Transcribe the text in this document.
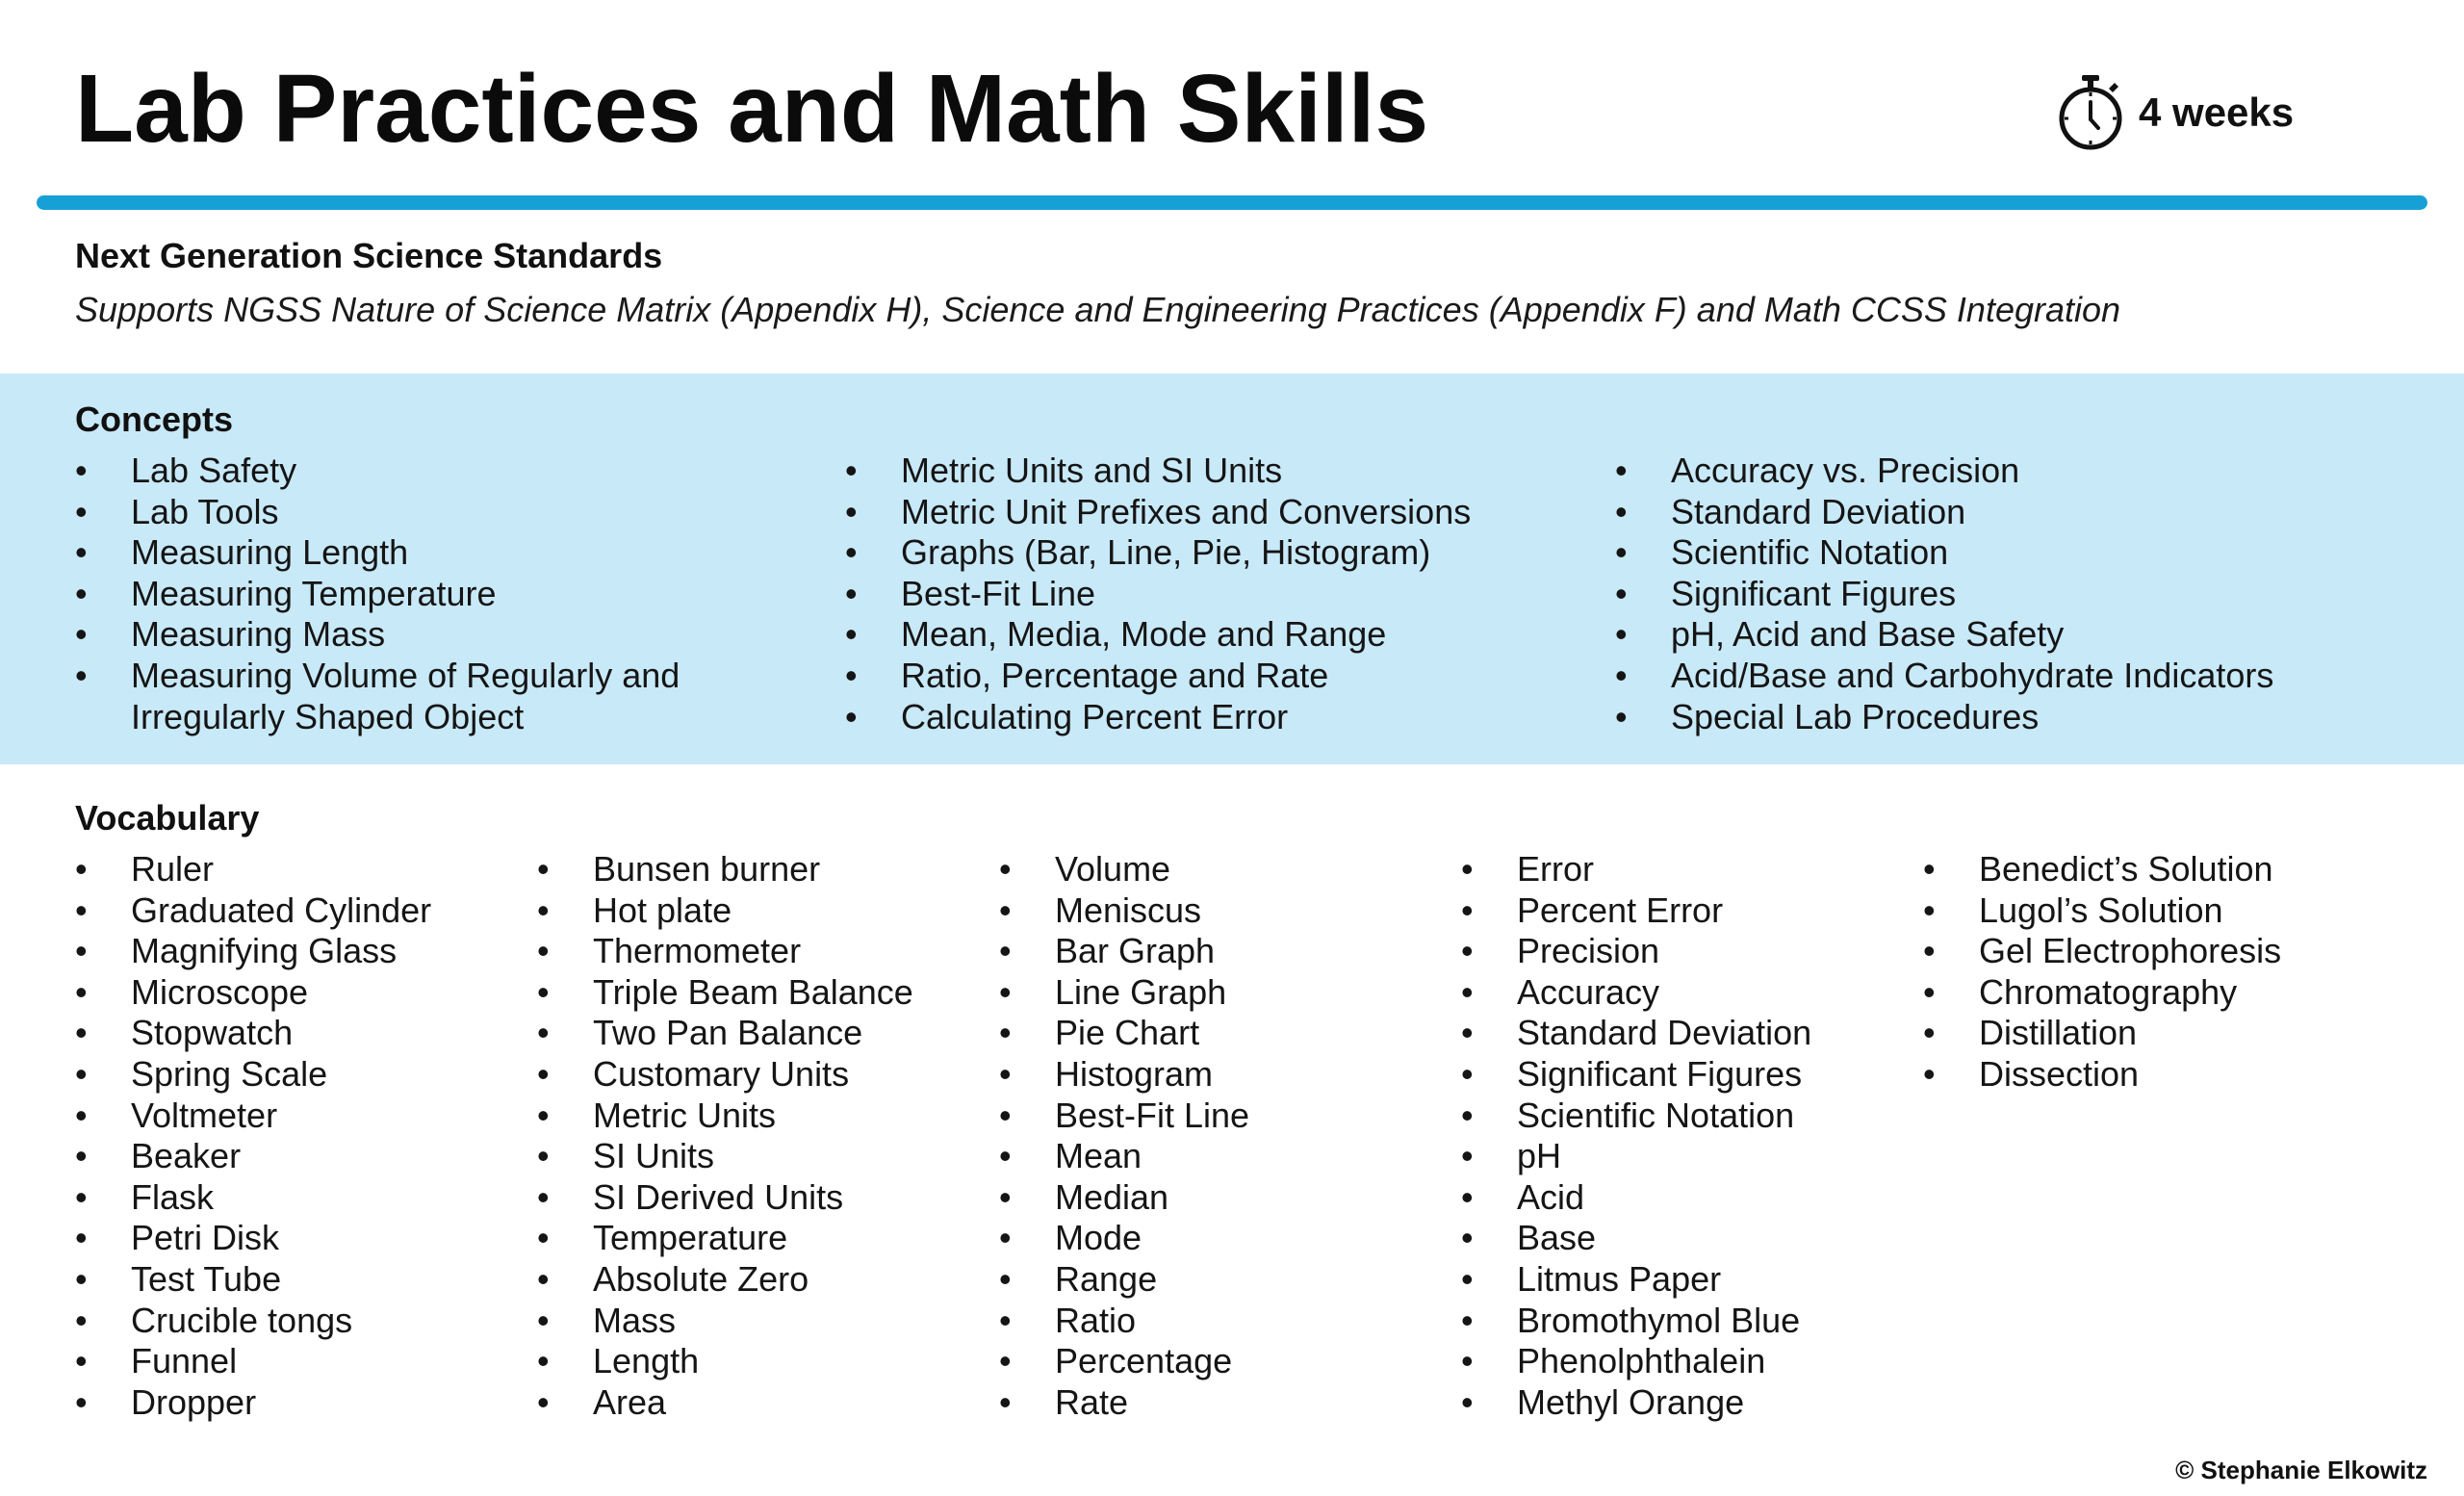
Lab Practices and Math Skills	4 weeks
Next Generation Science Standards

Supports NGSS Nature of Science Matrix (Appendix H), Science and Engineering Practices (Appendix F) and Math CCSS Integration

Concepts
• Lab Safety
• Lab Tools
• Measuring Length
• Measuring Temperature
• Measuring Mass
• Measuring Volume of Regularly and
Irregularly Shaped Object
• Metric Units and SI Units
• Metric Unit Prefixes and Conversions
• Graphs (Bar, Line, Pie, Histogram)
• Best-Fit Line
• Mean, Media, Mode and Range
• Ratio, Percentage and Rate
• Calculating Percent Error
• Accuracy vs. Precision
• Standard Deviation
• Scientific Notation
• Significant Figures
• pH, Acid and Base Safety
• Acid/Base and Carbohydrate Indicators
• Special Lab Procedures
Vocabulary
• Ruler
• Graduated Cylinder
• Magnifying Glass
• Microscope
• Stopwatch
• Spring Scale
• Voltmeter
• Beaker
• Flask
• Petri Disk
• Test Tube
• Crucible tongs
• Funnel
• Dropper
• Bunsen burner
• Hot plate
• Thermometer
• Triple Beam Balance
• Two Pan Balance
• Customary Units
• Metric Units
• SI Units
• SI Derived Units
• Temperature
• Absolute Zero
• Mass
• Length
• Area
• Volume
• Meniscus
• Bar Graph
• Line Graph
• Pie Chart
• Histogram
• Best-Fit Line
• Mean
• Median
• Mode
• Range
• Ratio
• Percentage
• Rate
• Error
• Percent Error
• Precision
• Accuracy
• Standard Deviation
• Significant Figures
• Scientific Notation
• pH
• Acid
• Base
• Litmus Paper
• Bromothymol Blue
• Phenolphthalein
• Methyl Orange
• Benedict’s Solution
• Lugol’s Solution
• Gel Electrophoresis
• Chromatography
• Distillation
• Dissection
© Stephanie Elkowitz
